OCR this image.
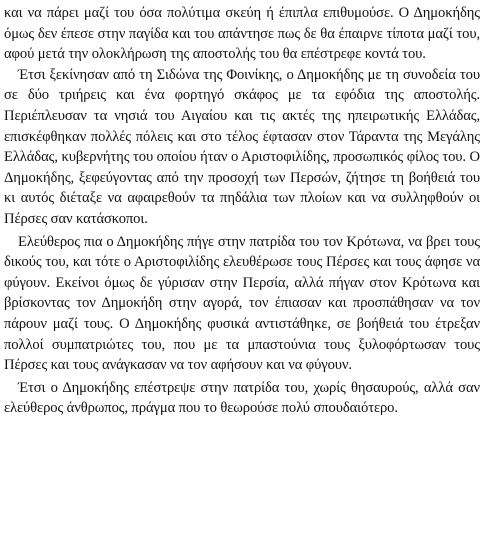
και να πάρει μαζί του όσα πολύτιμα σκεύη ή έπιπλα επιθυμούσε. Ο Δημοκήδης όμως δεν έπεσε στην παγίδα και του απάντησε πως δε θα έπαιρνε τίποτα μαζί του, αφού μετά την ολοκλήρωση της αποστολής του θα επέστρεφε κοντά του.

Έτσι ξεκίνησαν από τη Σιδώνα της Φοινίκης, ο Δημοκήδης με τη συνοδεία του σε δύο τριήρεις και ένα φορτηγό σκάφος με τα εφόδια της αποστολής. Περιέπλευσαν τα νησιά του Αιγαίου και τις ακτές της ηπειρωτικής Ελλάδας, επισκέφθηκαν πολλές πόλεις και στο τέλος έφτασαν στον Τάραντα της Μεγάλης Ελλάδας, κυβερνήτης του οποίου ήταν ο Αριστοφιλίδης, προσωπικός φίλος του. Ο Δημοκήδης, ξεφεύγοντας από την προσοχή των Περσών, ζήτησε τη βοήθειά του κι αυτός διέταξε να αφαιρεθούν τα πηδάλια των πλοίων και να συλληφθούν οι Πέρσες σαν κατάσκοποι.

Ελεύθερος πια ο Δημοκήδης πήγε στην πατρίδα του τον Κρότωνα, να βρει τους δικούς του, και τότε ο Αριστοφιλίδης ελευθέρωσε τους Πέρσες και τους άφησε να φύγουν. Εκείνοι όμως δε γύρισαν στην Περσία, αλλά πήγαν στον Κρότωνα και βρίσκοντας τον Δημοκήδη στην αγορά, τον έπιασαν και προσπάθησαν να τον πάρουν μαζί τους. Ο Δημοκήδης φυσικά αντιστάθηκε, σε βοήθειά του έτρεξαν πολλοί συμπατριώτες του, που με τα μπαστούνια τους ξυλοφόρτωσαν τους Πέρσες και τους ανάγκασαν να τον αφήσουν και να φύγουν.

Έτσι ο Δημοκήδης επέστρεψε στην πατρίδα του, χωρίς θησαυρούς, αλλά σαν ελεύθερος άνθρωπος, πράγμα που το θεωρούσε πολύ σπουδαιότερο.
